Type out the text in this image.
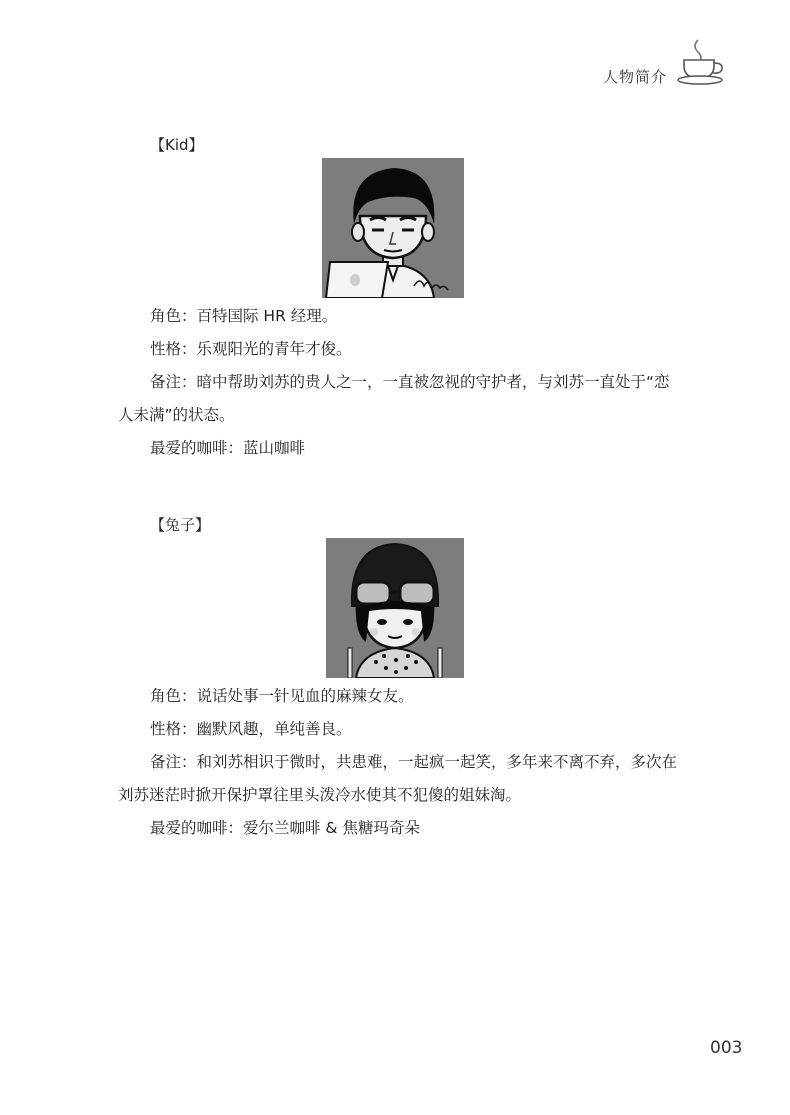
人物简介
【Kid】

角色：百特国际 HR 经理。

性格：乐观阳光的青年才俊。

备注：暗中帮助刘苏的贵人之一，一直被忽视的守护者，与刘苏一直处于“恋人未满”的状态。

最爱的咖啡：蓝山咖啡

【兔子】

角色：说话处事一针见血的麻辣女友。

性格：幽默风趣，单纯善良。

备注：和刘苏相识于微时，共患难，一起疯一起笑，多年来不离不弃，多次在刘苏迷茫时掀开保护罩往里头泼冷水使其不犯傻的姐妹淘。

最爱的咖啡：爱尔兰咖啡 & 焦糖玛奇朵

003
